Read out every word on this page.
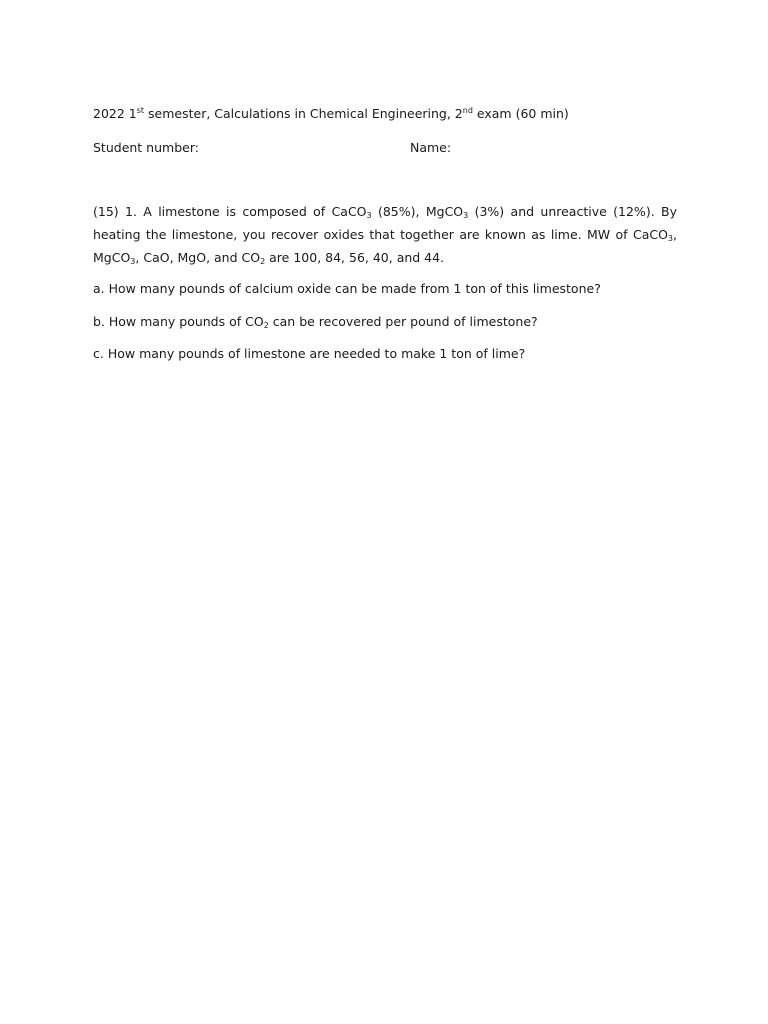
2022 1st semester, Calculations in Chemical Engineering, 2nd exam (60 min)
Student number:	Name:
(15) 1. A limestone is composed of CaCO$_3$ (85%), MgCO$_3$ (3%) and unreactive (12%). By heating the limestone, you recover oxides that together are known as lime. MW of CaCO$_3$, MgCO$_3$, CaO, MgO, and $CO_2$ are 100, 84, 56, 40, and 44.
a. How many pounds of calcium oxide can be made from 1 ton of this limestone?
b. How many pounds of $CO_2$ can be recovered per pound of limestone?
c. How many pounds of limestone are needed to make 1 ton of lime?
